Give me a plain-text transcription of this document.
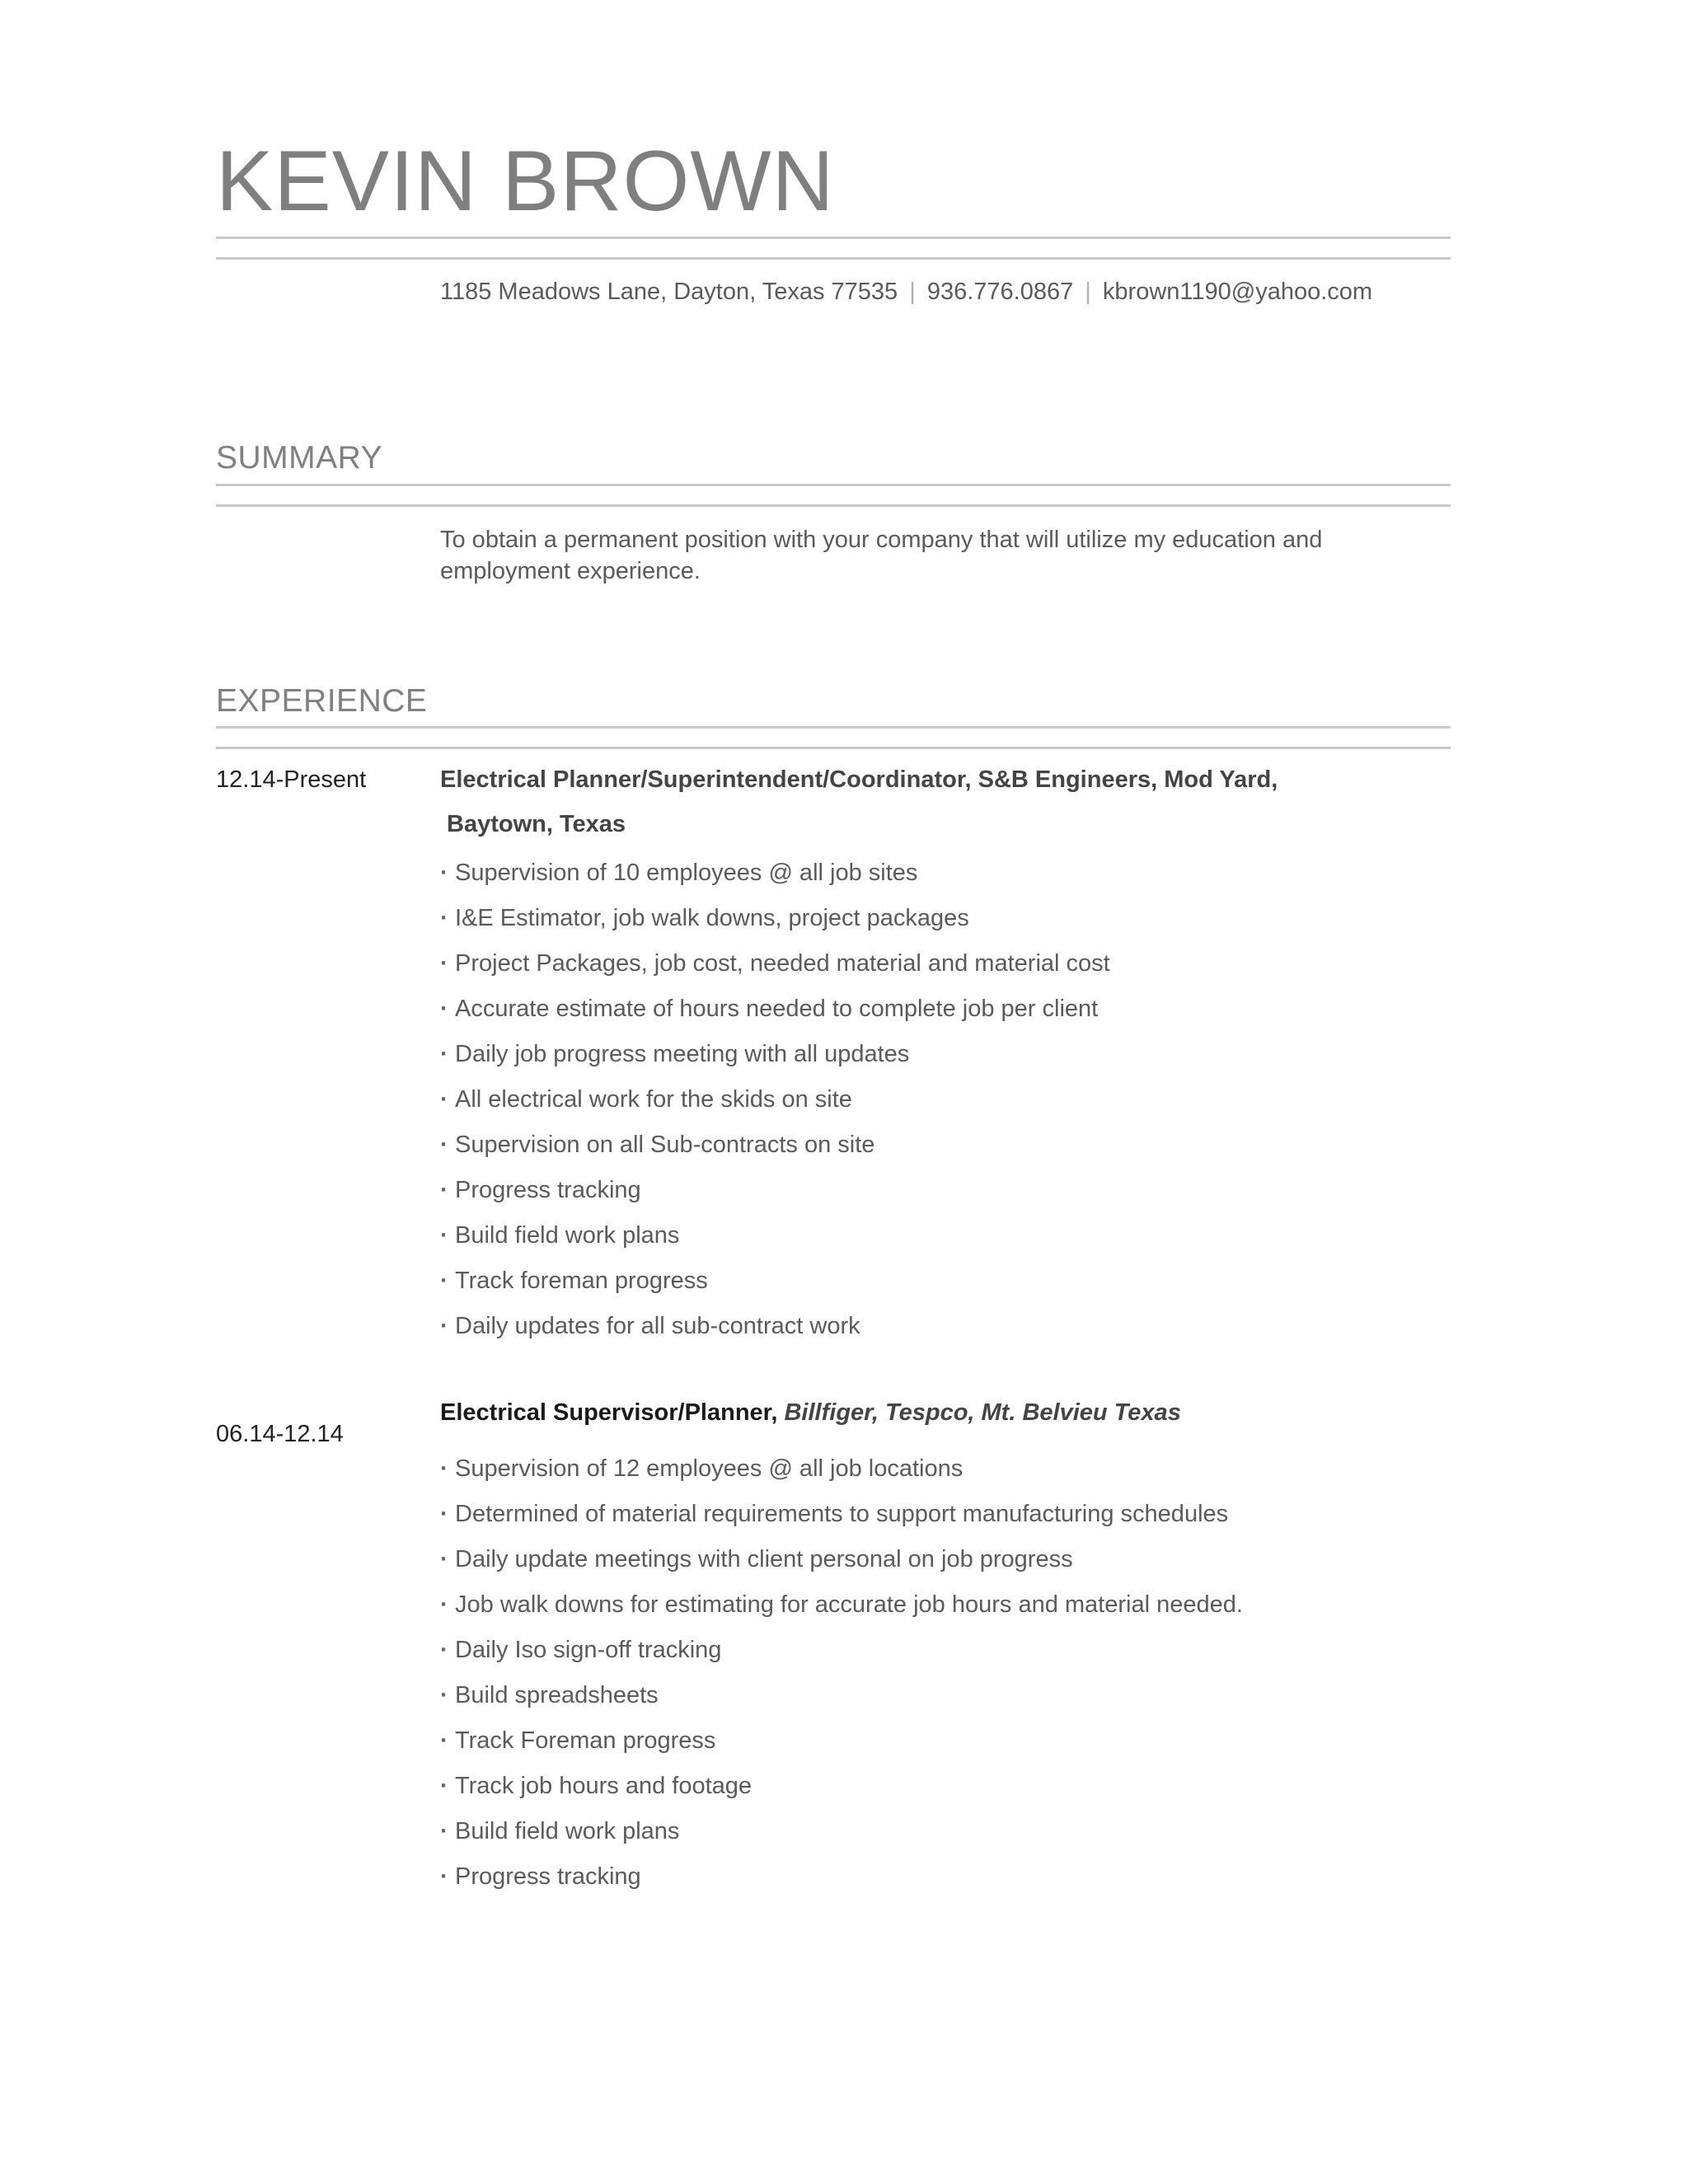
KEVIN BROWN
1185 Meadows Lane, Dayton, Texas 77535 | 936.776.0867 | kbrown1190@yahoo.com
SUMMARY
To obtain a permanent position with your company that will utilize my education and employment experience.
EXPERIENCE
12.14-Present	Electrical Planner/Superintendent/Coordinator, S&B Engineers, Mod Yard,
Baytown, Texas
· Supervision of 10 employees @ all job sites
· I&E Estimator, job walk downs, project packages
· Project Packages, job cost, needed material and material cost
· Accurate estimate of hours needed to complete job per client
· Daily job progress meeting with all updates
· All electrical work for the skids on site
· Supervision on all Sub-contracts on site
· Progress tracking
· Build field work plans
· Track foreman progress
· Daily updates for all sub-contract work
06.14-12.14
Electrical Supervisor/Planner, Billfiger, Tespco, Mt. Belvieu Texas
· Supervision of 12 employees @ all job locations
· Determined of material requirements to support manufacturing schedules
· Daily update meetings with client personal on job progress
· Job walk downs for estimating for accurate job hours and material needed.
· Daily Iso sign-off tracking
· Build spreadsheets
· Track Foreman progress
· Track job hours and footage
· Build field work plans
· Progress tracking
